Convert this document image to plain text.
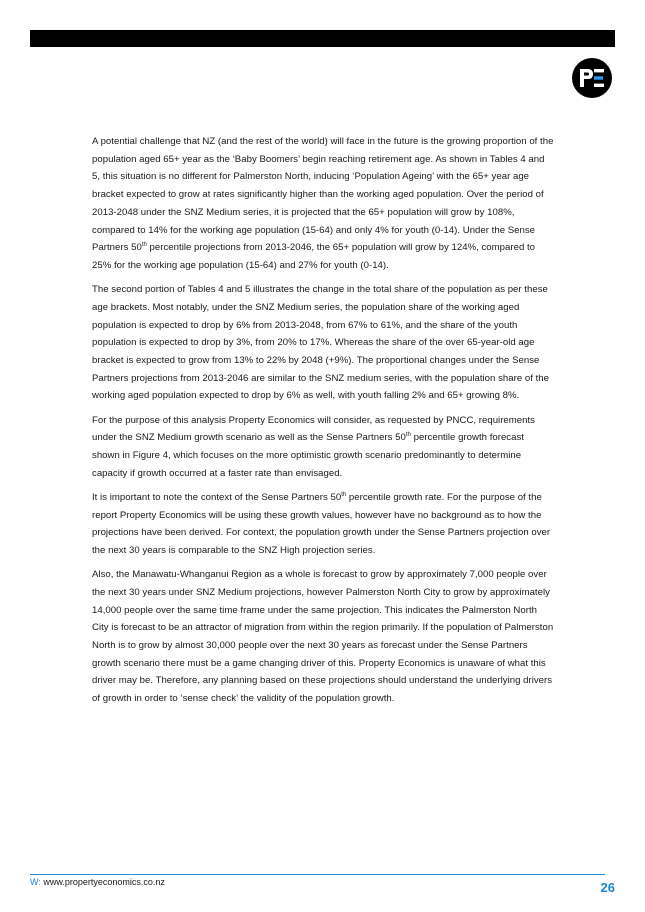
A potential challenge that NZ (and the rest of the world) will face in the future is the growing proportion of the population aged 65+ year as the ‘Baby Boomers’ begin reaching retirement age. As shown in Tables 4 and 5, this situation is no different for Palmerston North, inducing ‘Population Ageing’ with the 65+ year age bracket expected to grow at rates significantly higher than the working aged population. Over the period of 2013-2048 under the SNZ Medium series, it is projected that the 65+ population will grow by 108%, compared to 14% for the working age population (15-64) and only 4% for youth (0-14). Under the Sense Partners 50th percentile projections from 2013-2046, the 65+ population will grow by 124%, compared to 25% for the working age population (15-64) and 27% for youth (0-14).

The second portion of Tables 4 and 5 illustrates the change in the total share of the population as per these age brackets. Most notably, under the SNZ Medium series, the population share of the working aged population is expected to drop by 6% from 2013-2048, from 67% to 61%, and the share of the youth population is expected to drop by 3%, from 20% to 17%. Whereas the share of the over 65-year-old age bracket is expected to grow from 13% to 22% by 2048 (+9%). The proportional changes under the Sense Partners projections from 2013-2046 are similar to the SNZ medium series, with the population share of the working aged population expected to drop by 6% as well, with youth falling 2% and 65+ growing 8%.

For the purpose of this analysis Property Economics will consider, as requested by PNCC, requirements under the SNZ Medium growth scenario as well as the Sense Partners 50th percentile growth forecast shown in Figure 4, which focuses on the more optimistic growth scenario predominantly to determine capacity if growth occurred at a faster rate than envisaged.

It is important to note the context of the Sense Partners 50th percentile growth rate. For the purpose of the report Property Economics will be using these growth values, however have no background as to how the projections have been derived. For context, the population growth under the Sense Partners projection over the next 30 years is comparable to the SNZ High projection series.

Also, the Manawatu-Whanganui Region as a whole is forecast to grow by approximately 7,000 people over the next 30 years under SNZ Medium projections, however Palmerston North City to grow by approximately 14,000 people over the same time frame under the same projection. This indicates the Palmerston North City is forecast to be an attractor of migration from within the region primarily. If the population of Palmerston North is to grow by almost 30,000 people over the next 30 years as forecast under the Sense Partners growth scenario there must be a game changing driver of this. Property Economics is unaware of what this driver may be. Therefore, any planning based on these projections should understand the underlying drivers of growth in order to ‘sense check’ the validity of the population growth.

W: www.propertyeconomics.co.nz	26
